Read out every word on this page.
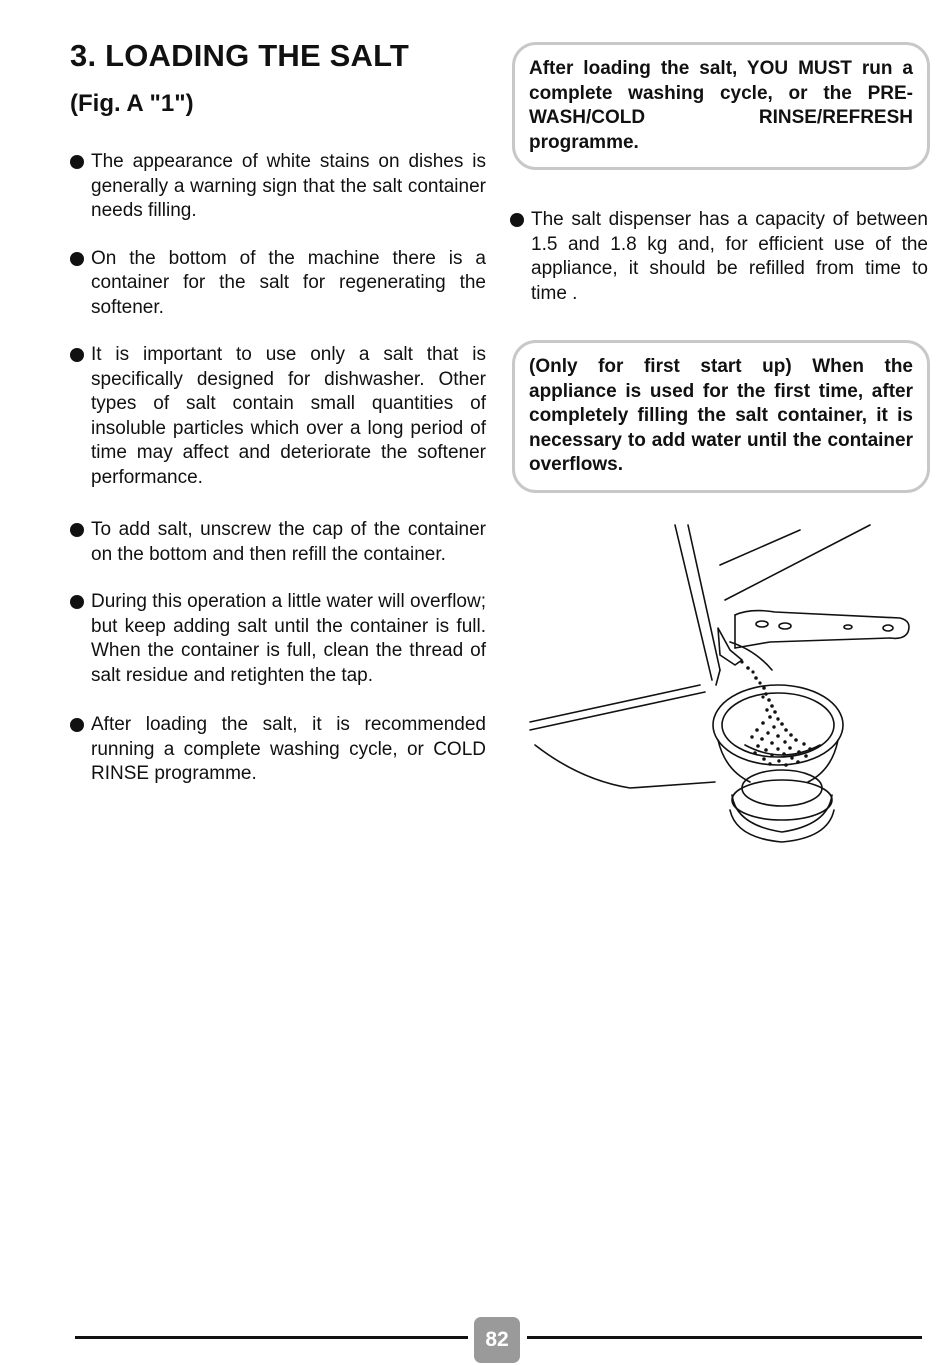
3. LOADING THE SALT
(Fig. A "1")
The appearance of white stains on dishes is generally a warning sign that the salt container needs filling.
On the bottom of the machine there is a container for the salt for regenerating the softener.
It is important to use only a salt that is specifically designed for dishwasher. Other types of salt contain small quantities of insoluble particles which over a long period of time may affect and deteriorate the softener performance.
To add salt, unscrew the cap of the container on the bottom and then refill the container.
During this operation a little water will overflow; but keep adding salt until the container is full. When the container is full, clean the thread of salt residue and retighten the tap.
After loading the salt, it is recommended running a complete washing cycle, or COLD RINSE programme.
After loading the salt, YOU MUST run a complete washing cycle, or the PRE-WASH/COLD RINSE/REFRESH programme.
The salt dispenser has a capacity of between 1.5 and 1.8 kg and, for efficient use of the appliance, it should be refilled from time to time .
(Only for first start up) When the appliance is used for the first time, after completely filling the salt container, it is necessary to add water until the container overflows.
82
